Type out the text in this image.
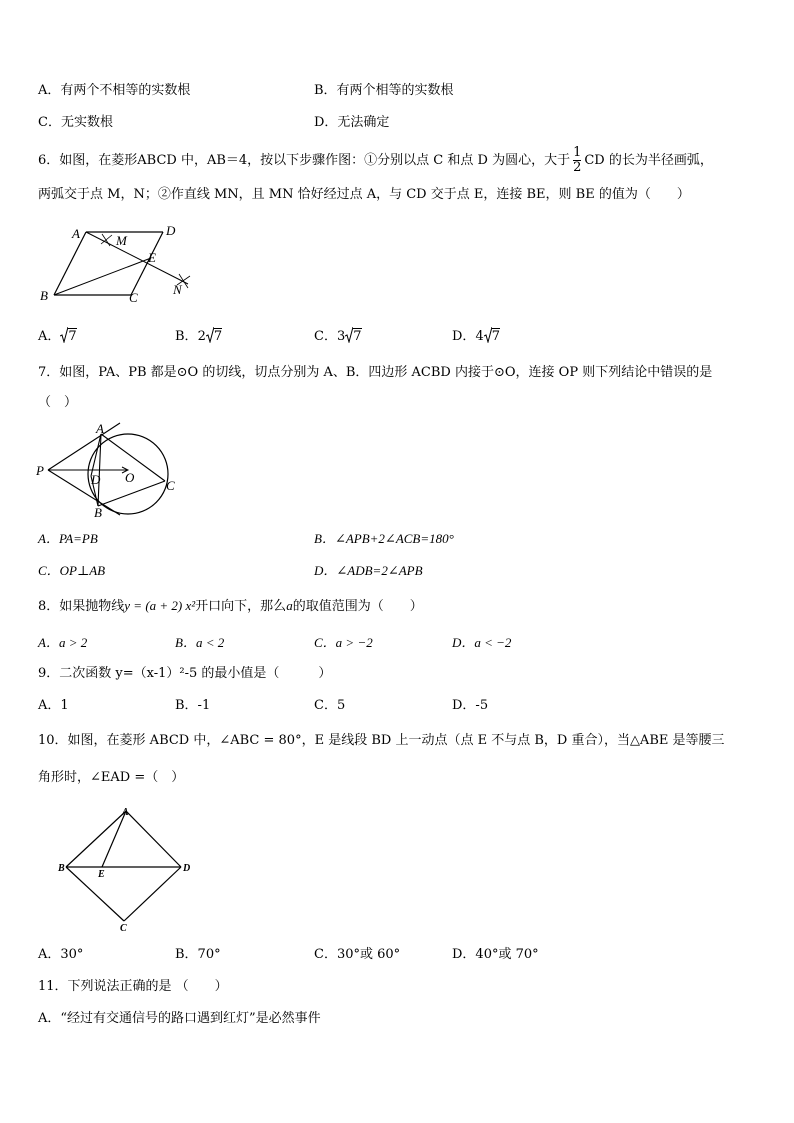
A．有两个不相等的实数根	B．有两个相等的实数根
C．无实数根	D．无法确定
6．如图，在菱形ABCD 中，AB＝4，按以下步骤作图：①分别以点 C 和点 D 为圆心，大于 $\frac{1}{2}$ CD 的长为半径画弧，
两弧交于点 M，N；②作直线 MN，且 MN 恰好经过点 A，与 CD 交于点 E，连接 BE，则 BE 的值为（　　）
A	D
M
E
B	C
N
A． 7	B．2 7	C．3 7	D．4 7
7．如图，PA、PB 都是⊙O 的切线，切点分别为 A、B．四边形 ACBD 内接于⊙O，连接 OP 则下列结论中错误的是
（　）
A
P
D O
C
B
A．PA=PB	B．∠APB+2∠ACB=180°
C．OP⊥AB	D．∠ADB=2∠APB
8．如果抛物线y = (a + 2) x²开口向下，那么a的取值范围为（　　）
A．a > 2	B．a < 2	C．a > −2	D．a < −2
9．二次函数 y=（x-1）²-5 的最小值是（　　　）
A．1	B．-1	C．5	D．-5
10．如图，在菱形 ABCD 中，∠ABC = 80°，E 是线段 BD 上一动点（点 E 不与点 B，D 重合），当△ABE 是等腰三
角形时，∠EAD =（　）
A
B
E
D
C
A．30°	B．70°	C．30°或 60°	D．40°或 70°
11．下列说法正确的是 （　　）
A．“经过有交通信号的路口遇到红灯”是必然事件
